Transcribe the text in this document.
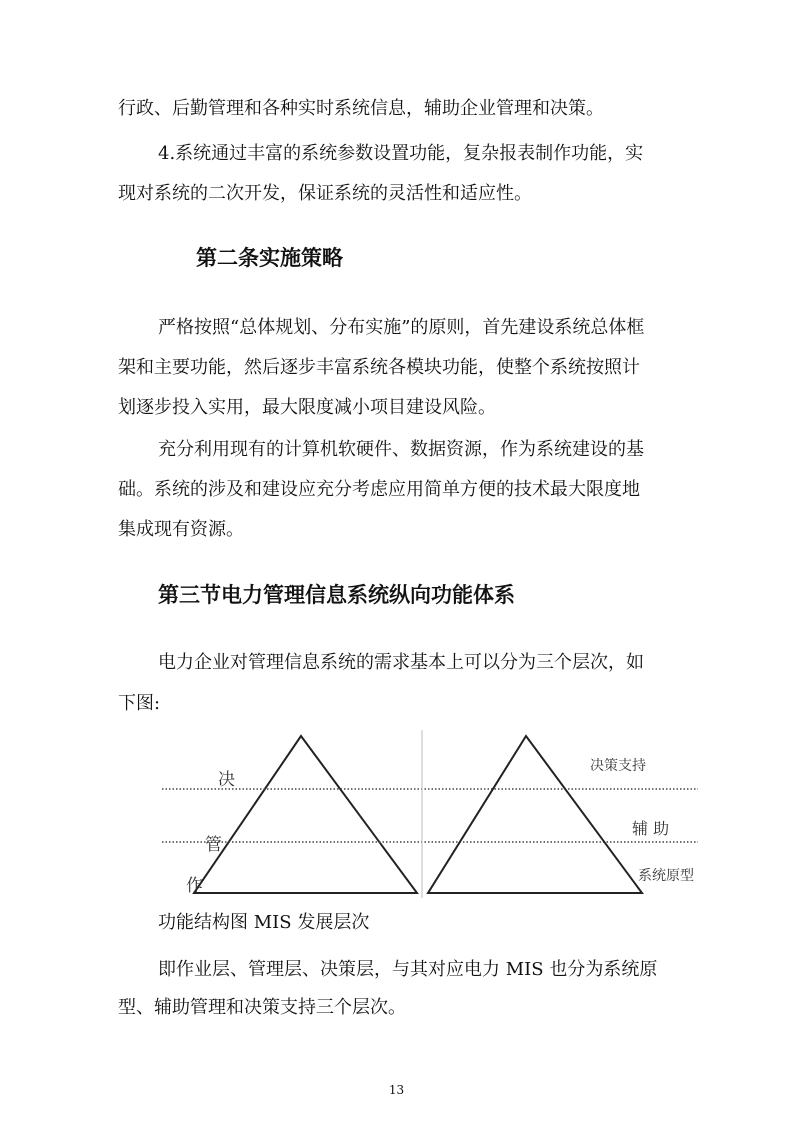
行政、后勤管理和各种实时系统信息，辅助企业管理和决策。
4.系统通过丰富的系统参数设置功能，复杂报表制作功能，实
现对系统的二次开发，保证系统的灵活性和适应性。
第二条实施策略
严格按照“总体规划、分布实施”的原则，首先建设系统总体框
架和主要功能，然后逐步丰富系统各模块功能，使整个系统按照计
划逐步投入实用，最大限度减小项目建设风险。
充分利用现有的计算机软硬件、数据资源，作为系统建设的基
础。系统的涉及和建设应充分考虑应用简单方便的技术最大限度地
集成现有资源。
第三节电力管理信息系统纵向功能体系
电力企业对管理信息系统的需求基本上可以分为三个层次，如
下图:
决
管
作
决策支持
辅 助
系统原型
功能结构图 MIS 发展层次
即作业层、管理层、决策层，与其对应电力 MIS 也分为系统原
型、辅助管理和决策支持三个层次。
13
